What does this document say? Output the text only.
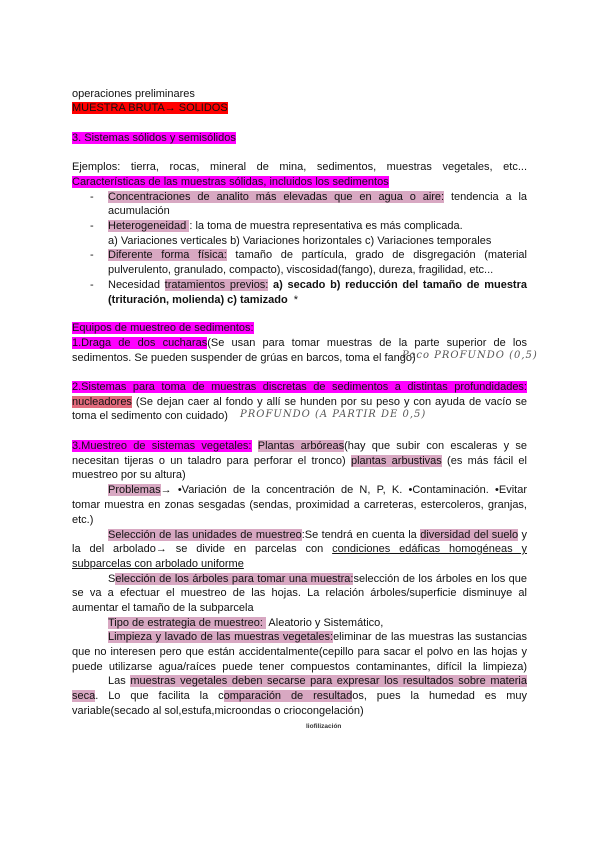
operaciones preliminares
MUESTRA BRUTA→ SOLIDOS
3. Sistemas sólidos y semisólidos
Ejemplos: tierra, rocas, mineral de mina, sedimentos, muestras vegetales, etc...
Características de las muestras sólidas, incluidos los sedimentos
Concentraciones de analito más elevadas que en agua o aire: tendencia a la
-
acumulación
Heterogeneidad : la toma de muestra representativa es más complicada.
-
a) Variaciones verticales b) Variaciones horizontales c) Variaciones temporales
Diferente forma física: tamaño de partícula, grado de disgregación (material
-
pulverulento, granulado, compacto), viscosidad(fango), dureza, fragilidad, etc...
Necesidad tratamientos previos: a) secado b) reducción del tamaño de muestra
-
(trituración, molienda) c) tamizado  *
Equipos de muestreo de sedimentos:
1.Draga de dos cucharas(Se usan para tomar muestras de la parte superior de los
sedimentos. Se pueden suspender de grúas en barcos, toma el fango)
2.Sistemas para toma de muestras discretas de sedimentos a distintas profundidades:
nucleadores (Se dejan caer al fondo y allí se hunden por su peso y con ayuda de vacío se
toma el sedimento con cuidado)
3.Muestreo de sistemas vegetales: Plantas arbóreas(hay que subir con escaleras y se
necesitan tijeras o un taladro para perforar el tronco) plantas arbustivas (es más fácil el
muestreo por su altura)
Problemas→ •Variación de la concentración de N, P, K. •Contaminación. •Evitar
tomar muestra en zonas sesgadas (sendas, proximidad a carreteras, estercoleros, granjas,
etc.)
Selección de las unidades de muestreo:Se tendrá en cuenta la diversidad del suelo y
la del arbolado→ se divide en parcelas con condiciones edáficas homogéneas y
subparcelas con arbolado uniforme
Selección de los árboles para tomar una muestra:selección de los árboles en los que
se va a efectuar el muestreo de las hojas. La relación árboles/superficie disminuye al
aumentar el tamaño de la subparcela
Tipo de estrategia de muestreo:  Aleatorio y Sistemático,
Limpieza y lavado de las muestras vegetales:eliminar de las muestras las sustancias
que no interesen pero que están accidentalmente(cepillo para sacar el polvo en las hojas y
puede utilizarse agua/raíces puede tener compuestos contaminantes, difícil la limpieza)
Las muestras vegetales deben secarse para expresar los resultados sobre materia
seca. Lo que facilita la comparación de resultados, pues la humedad es muy
variable(secado al sol,estufa,microondas o criocongelación)
liofilización
Poco PROFUNDO (0,5)
PROFUNDO (A PARTIR DE 0,5)
